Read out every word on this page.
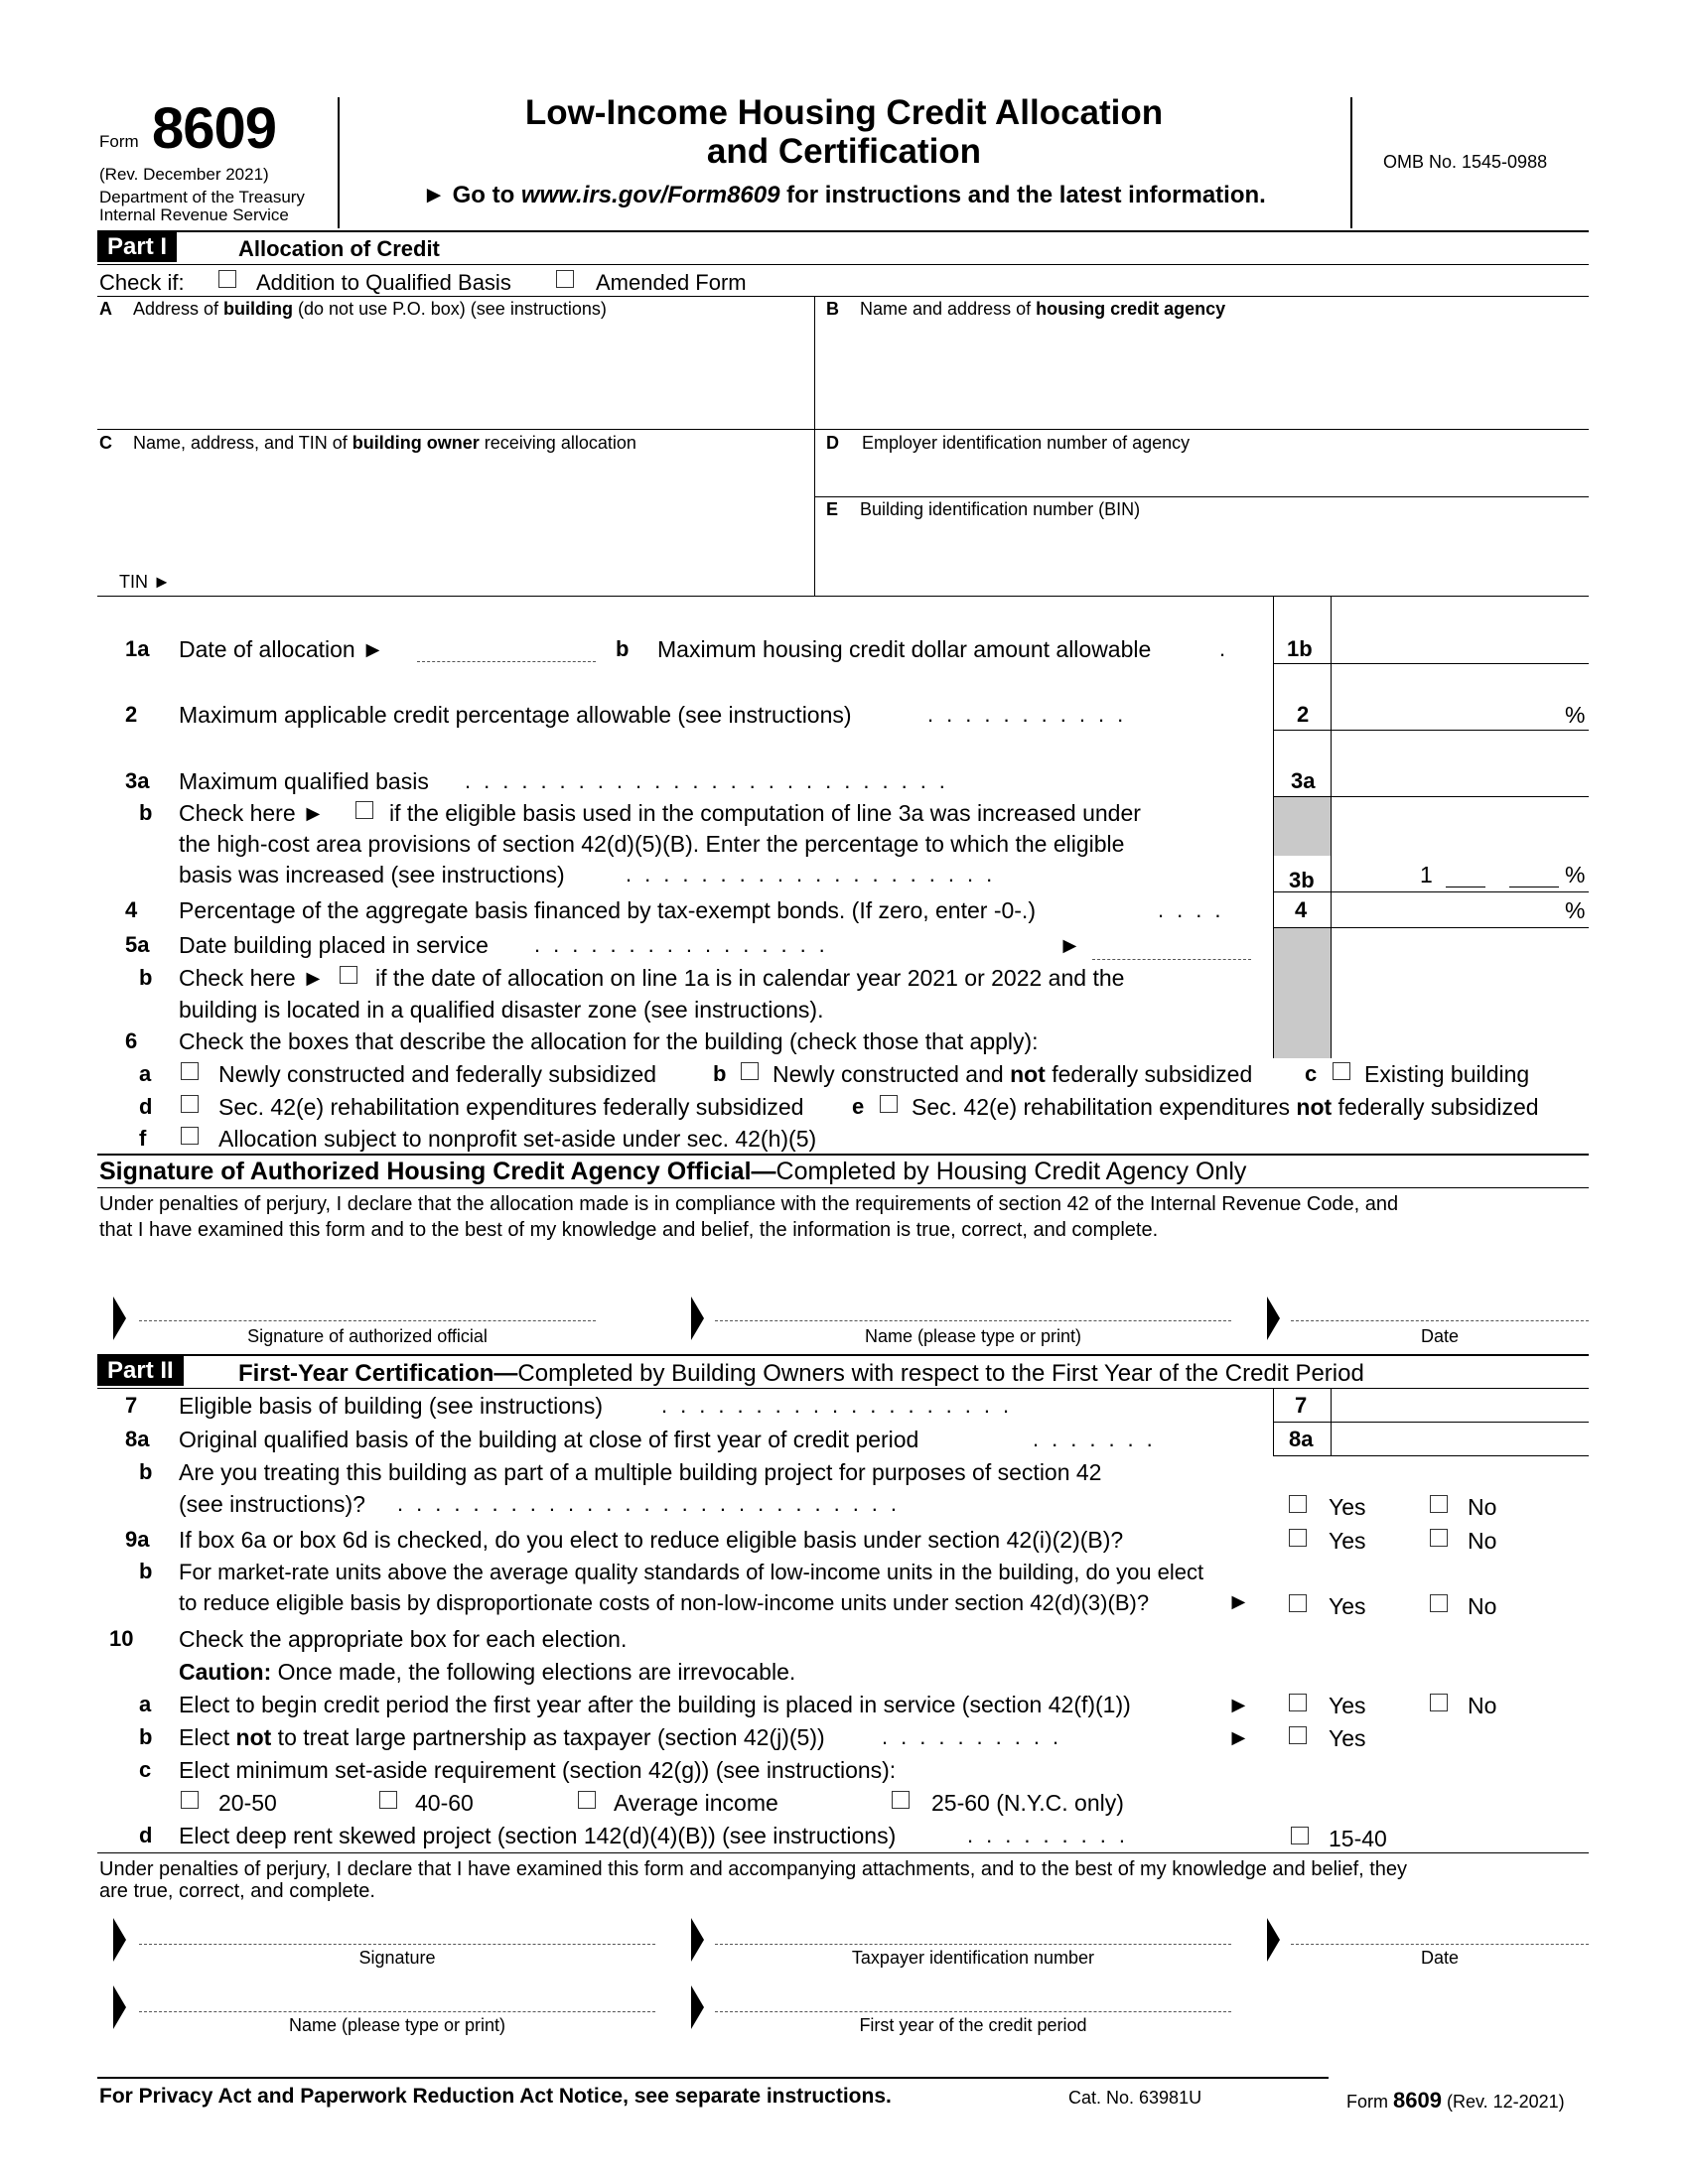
Form 8609
(Rev. December 2021)
Department of the Treasury
Internal Revenue Service
Low-Income Housing Credit Allocation
and Certification
► Go to www.irs.gov/Form8609 for instructions and the latest information.
OMB No. 1545-0988
Part I	Allocation of Credit
Check if:	Addition to Qualified Basis	Amended Form
A Address of building (do not use P.O. box) (see instructions)	B Name and address of housing credit agency
C Name, address, and TIN of building owner receiving allocation
TIN ►
D Employer identification number of agency
E Building identification number (BIN)
1a Date of allocation ►	b Maximum housing credit dollar amount allowable	.	1b
2 Maximum applicable credit percentage allowable (see instructions)	...........	2	%
3a Maximum qualified basis ..........................	3a
b Check here ►	if the eligible basis used in the computation of line 3a was increased under
the high-cost area provisions of section 42(d)(5)(B). Enter the percentage to which the eligible
basis was increased (see instructions)	....................	3b	1	%
4 Percentage of the aggregate basis financed by tax-exempt bonds. (If zero, enter -0-.)	....	4	%
5a Date building placed in service ................	►
b Check here ► if the date of allocation on line 1a is in calendar year 2021 or 2022 and the
building is located in a qualified disaster zone (see instructions).
6 Check the boxes that describe the allocation for the building (check those that apply):
a	Newly constructed and federally subsidized	b Newly constructed and not federally subsidized c Existing building
d	Sec. 42(e) rehabilitation expenditures federally subsidized e Sec. 42(e) rehabilitation expenditures not federally subsidized
f	Allocation subject to nonprofit set-aside under sec. 42(h)(5)
Signature of Authorized Housing Credit Agency Official—Completed by Housing Credit Agency Only
Under penalties of perjury, I declare that the allocation made is in compliance with the requirements of section 42 of the Internal Revenue Code, and
that I have examined this form and to the best of my knowledge and belief, the information is true, correct, and complete.
Signature of authorized official	Name (please type or print)	Date
Part II	First-Year Certification—Completed by Building Owners with respect to the First Year of the Credit Period
7 Eligible basis of building (see instructions)	...................	7
8a Original qualified basis of the building at close of first year of credit period	.......	8a
b Are you treating this building as part of a multiple building project for purposes of section 42
(see instructions)? ...........................	Yes	No
9a If box 6a or box 6d is checked, do you elect to reduce eligible basis under section 42(i)(2)(B)?	Yes	No
b For market-rate units above the average quality standards of low-income units in the building, do you elect
to reduce eligible basis by disproportionate costs of non-low-income units under section 42(d)(3)(B)?	►	Yes	No
10 Check the appropriate box for each election.
Caution: Once made, the following elections are irrevocable.
a Elect to begin credit period the first year after the building is placed in service (section 42(f)(1))	►	Yes	No
b Elect not to treat large partnership as taxpayer (section 42(j)(5))	..........	►	Yes
c Elect minimum set-aside requirement (section 42(g)) (see instructions):
20-50	40-60	Average income	25-60 (N.Y.C. only)
d Elect deep rent skewed project (section 142(d)(4)(B)) (see instructions)	.........	15-40
Under penalties of perjury, I declare that I have examined this form and accompanying attachments, and to the best of my knowledge and belief, they
are true, correct, and complete.
Signature	Taxpayer identification number	Date
Name (please type or print)	First year of the credit period
For Privacy Act and Paperwork Reduction Act Notice, see separate instructions.	Cat. No. 63981U	Form 8609 (Rev. 12-2021)
